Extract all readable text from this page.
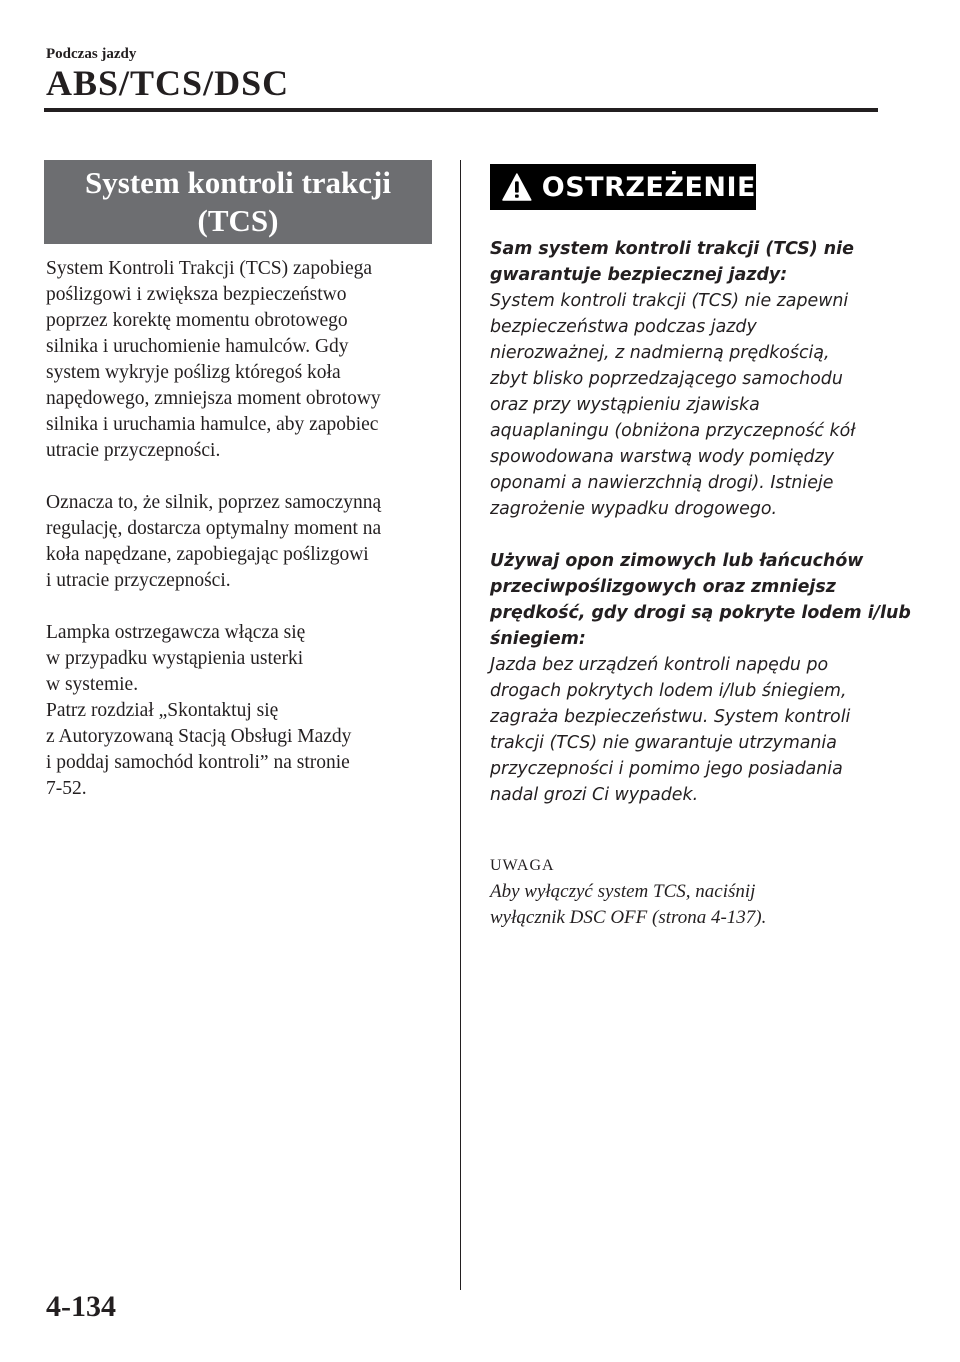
Podczas jazdy
ABS/TCS/DSC
System kontroli trakcji
(TCS)

System Kontroli Trakcji (TCS) zapobiega
poślizgowi i zwiększa bezpieczeństwo
poprzez korektę momentu obrotowego
silnika i uruchomienie hamulców. Gdy
system wykryje poślizg któregoś koła
napędowego, zmniejsza moment obrotowy
silnika i uruchamia hamulce, aby zapobiec
utracie przyczepności.

Oznacza to, że silnik, poprzez samoczynną
regulację, dostarcza optymalny moment na
koła napędzane, zapobiegając poślizgowi
i utracie przyczepności.

Lampka ostrzegawcza włącza się
w przypadku wystąpienia usterki
w systemie.
Patrz rozdział „Skontaktuj się
z Autoryzowaną Stacją Obsługi Mazdy
i poddaj samochód kontroli” na stronie
7-52.

OSTRZEŻENIE

Sam system kontroli trakcji (TCS) nie
gwarantuje bezpiecznej jazdy:
System kontroli trakcji (TCS) nie zapewni
bezpieczeństwa podczas jazdy
nierozważnej, z nadmierną prędkością,
zbyt blisko poprzedzającego samochodu
oraz przy wystąpieniu zjawiska
aquaplaningu (obniżona przyczepność kół
spowodowana warstwą wody pomiędzy
oponami a nawierzchnią drogi). Istnieje
zagrożenie wypadku drogowego.

Używaj opon zimowych lub łańcuchów
przeciwpoślizgowych oraz zmniejsz
prędkość, gdy drogi są pokryte lodem i/lub
śniegiem:
Jazda bez urządzeń kontroli napędu po
drogach pokrytych lodem i/lub śniegiem,
zagraża bezpieczeństwu. System kontroli
trakcji (TCS) nie gwarantuje utrzymania
przyczepności i pomimo jego posiadania
nadal grozi Ci wypadek.

UWAGA
Aby wyłączyć system TCS, naciśnij
wyłącznik DSC OFF (strona 4-137).
4-134
